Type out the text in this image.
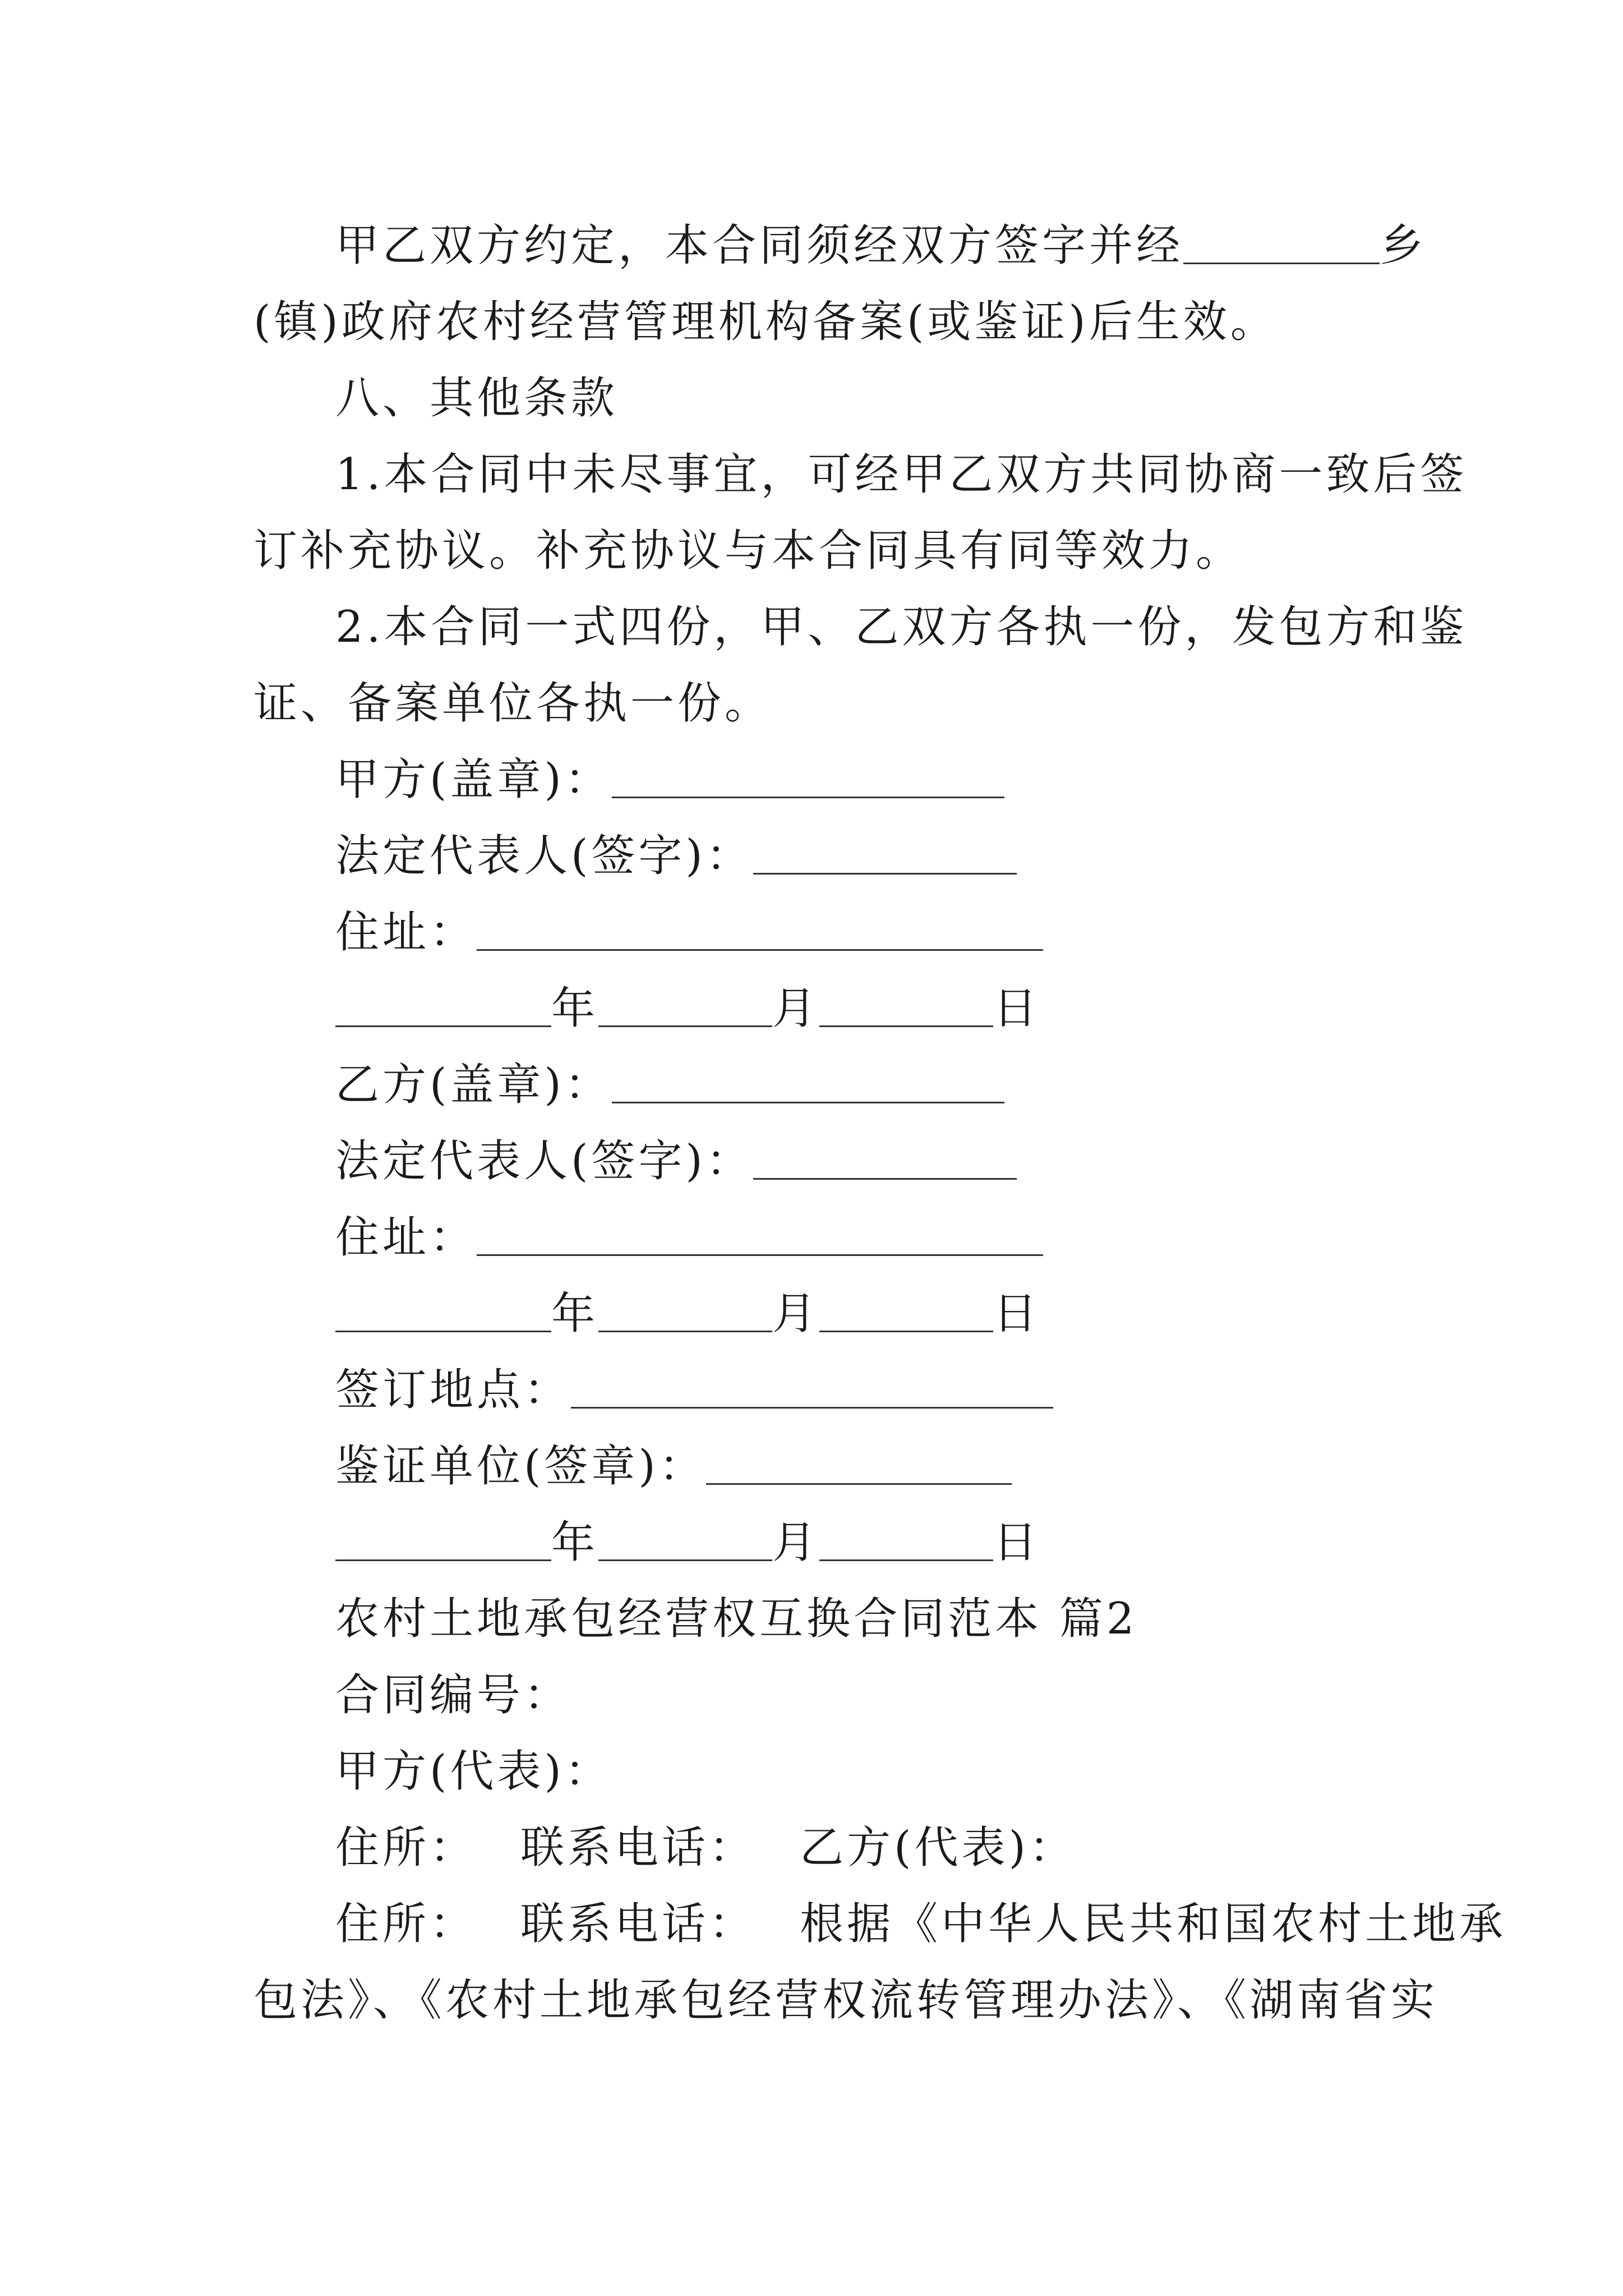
甲乙双方约定，本合同须经双方签字并经	乡
(镇)政府农村经营管理机构备案(或鉴证)后生效。
八、其他条款
1.本合同中未尽事宜，可经甲乙双方共同协商一致后签
订补充协议。补充协议与本合同具有同等效力。
2.本合同一式四份，甲、乙双方各执一份，发包方和鉴
证、备案单位各执一份。
甲方(盖章)：
法定代表人(签字)：
住址：
年	月	日
乙方(盖章)：
法定代表人(签字)：
住址：
年	月	日
签订地点：
鉴证单位(签章)：
年	月	日
农村土地承包经营权互换合同范本 篇2
合同编号：
甲方(代表)：
住所： 联系电话： 乙方(代表)：
住所： 联系电话： 根据《中华人民共和国农村土地承
包法》、《农村土地承包经营权流转管理办法》、《湖南省实
